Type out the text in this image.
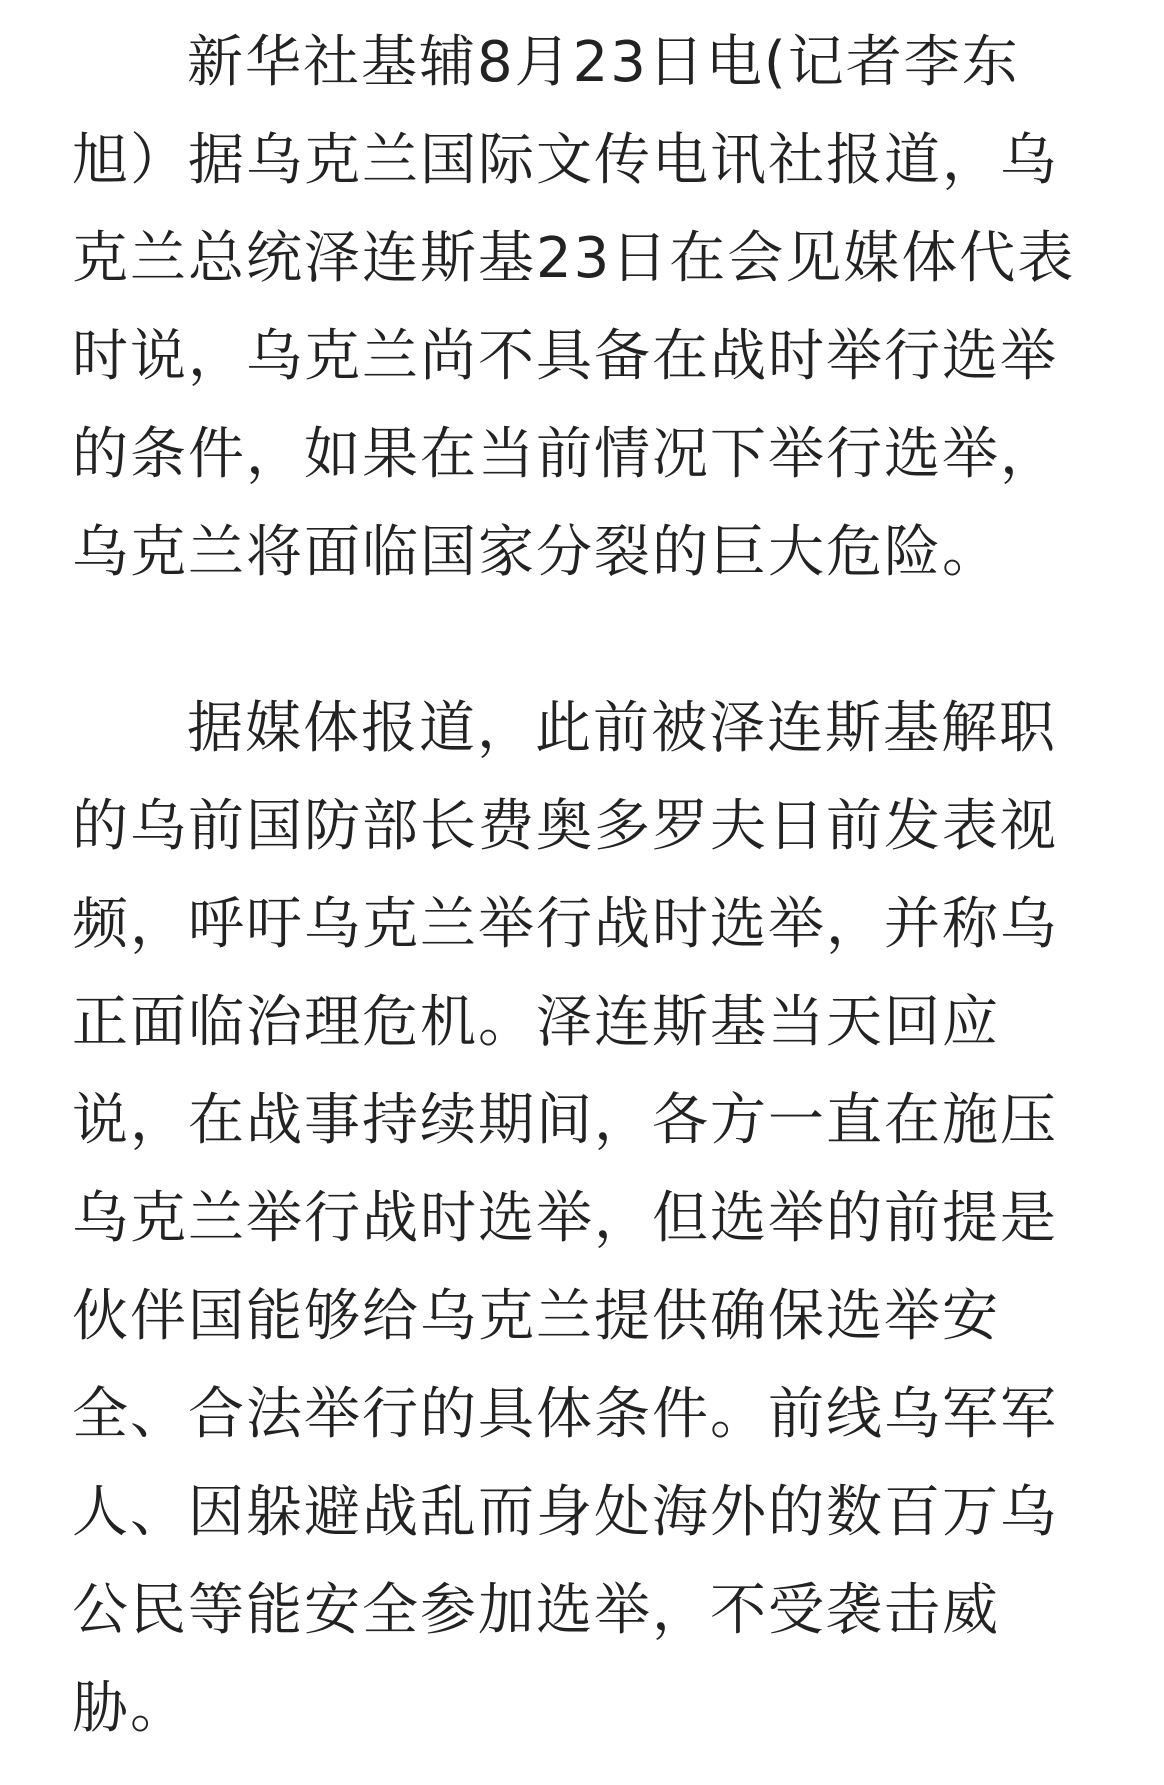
新华社基辅8月23日电(记者李东
旭）据乌克兰国际文传电讯社报道，乌
克兰总统泽连斯基23日在会见媒体代表
时说，乌克兰尚不具备在战时举行选举
的条件，如果在当前情况下举行选举，
乌克兰将面临国家分裂的巨大危险。
据媒体报道，此前被泽连斯基解职
的乌前国防部长费奥多罗夫日前发表视
频，呼吁乌克兰举行战时选举，并称乌
正面临治理危机。泽连斯基当天回应
说，在战事持续期间，各方一直在施压
乌克兰举行战时选举，但选举的前提是
伙伴国能够给乌克兰提供确保选举安
全、合法举行的具体条件。前线乌军军
人、因躲避战乱而身处海外的数百万乌
公民等能安全参加选举，不受袭击威
胁。
